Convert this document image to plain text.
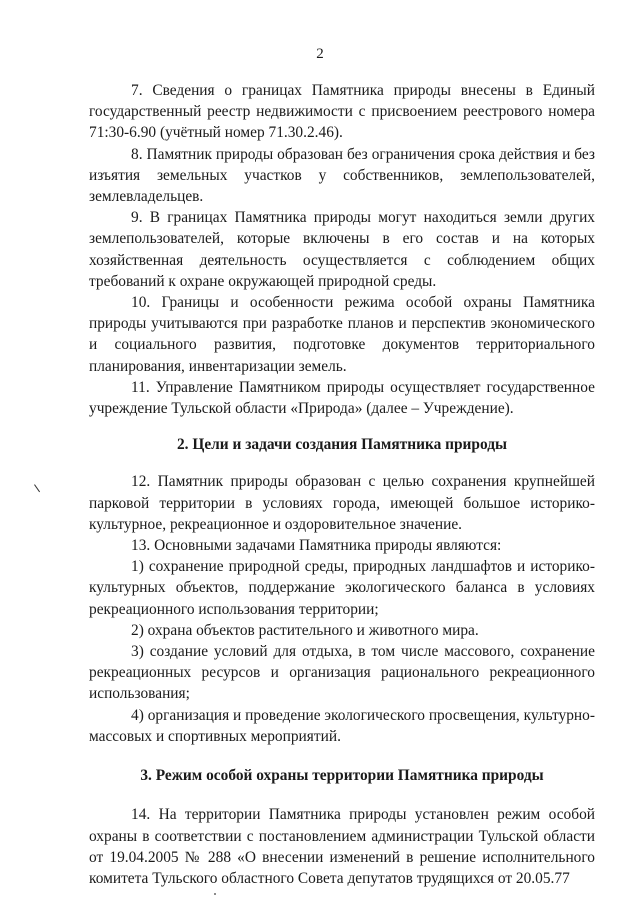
2

7. Сведения о границах Памятника природы внесены в Единый государственный реестр недвижимости с присвоением реестрового номера 71:30-6.90 (учётный номер 71.30.2.46).

8. Памятник природы образован без ограничения срока действия и без изъятия земельных участков у собственников, землепользователей, землевладельцев.

9. В границах Памятника природы могут находиться земли других землепользователей, которые включены в его состав и на которых хозяйственная деятельность осуществляется с соблюдением общих требований к охране окружающей природной среды.

10. Границы и особенности режима особой охраны Памятника природы учитываются при разработке планов и перспектив экономического и социального развития, подготовке документов территориального планирования, инвентаризации земель.

11. Управление Памятником природы осуществляет государственное учреждение Тульской области «Природа» (далее – Учреждение).

2. Цели и задачи создания Памятника природы

12. Памятник природы образован с целью сохранения крупнейшей парковой территории в условиях города, имеющей большое историко-культурное, рекреационное и оздоровительное значение.

13. Основными задачами Памятника природы являются:

1) сохранение природной среды, природных ландшафтов и историко-культурных объектов, поддержание экологического баланса в условиях рекреационного использования территории;

2) охрана объектов растительного и животного мира.

3) создание условий для отдыха, в том числе массового, сохранение рекреационных ресурсов и организация рационального рекреационного использования;

4) организация и проведение экологического просвещения, культурно-массовых и спортивных мероприятий.

3. Режим особой охраны территории Памятника природы

14. На территории Памятника природы установлен режим особой охраны в соответствии с постановлением администрации Тульской области от 19.04.2005 № 288 «О внесении изменений в решение исполнительного комитета Тульского областного Совета депутатов трудящихся от 20.05.77
